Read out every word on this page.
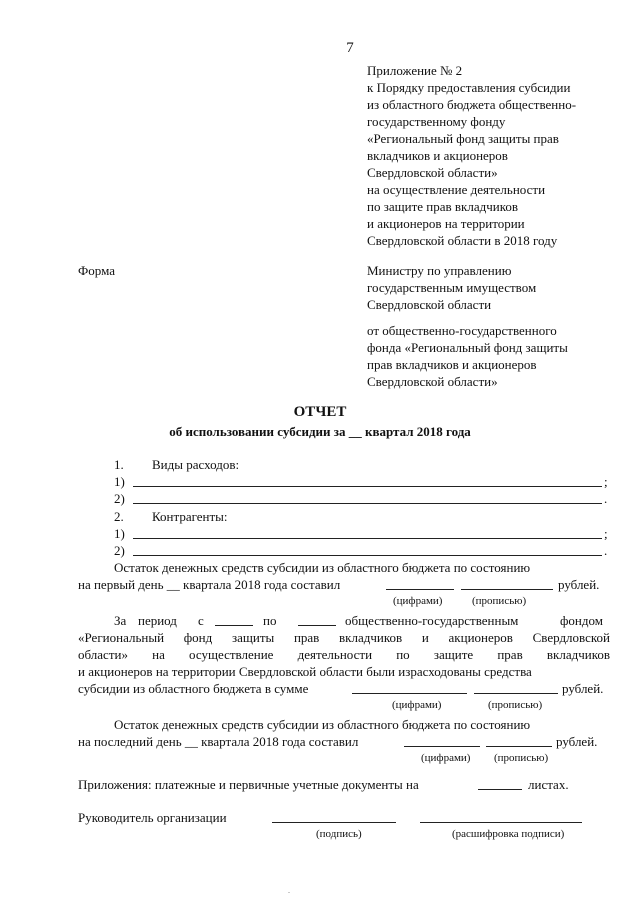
7
Приложение № 2
к Порядку предоставления субсидии
из областного бюджета общественно-
государственному фонду
«Региональный фонд защиты прав
вкладчиков и акционеров
Свердловской области»
на осуществление деятельности
по защите прав вкладчиков
и акционеров на территории
Свердловской области в 2018 году
Форма	Министру по управлению
государственным имуществом
Свердловской области
от общественно-государственного
фонда «Региональный фонд защиты
прав вкладчиков и акционеров
Свердловской области»
ОТЧЕТ
об использовании субсидии за __ квартал 2018 года
1. Виды расходов:
1)	;
2)	.
2. Контрагенты:
1)	;
2)	.
Остаток денежных средств субсидии из областного бюджета по состоянию
на первый день __ квартала 2018 года составил	рублей.
(цифрами)	(прописью)
За период с	по	общественно-государственным	фондом
«Региональный фонд защиты прав вкладчиков и акционеров Свердловской
области» на осуществление деятельности по защите прав вкладчиков
и акционеров на территории Свердловской области были израсходованы средства
субсидии из областного бюджета в сумме	рублей.
(цифрами)	(прописью)
Остаток денежных средств субсидии из областного бюджета по состоянию
на последний день __ квартала 2018 года составил	рублей.
(цифрами) (прописью)
Приложения: платежные и первичные учетные документы на	листах.
Руководитель организации
(подпись)	(расшифровка подписи)
.
